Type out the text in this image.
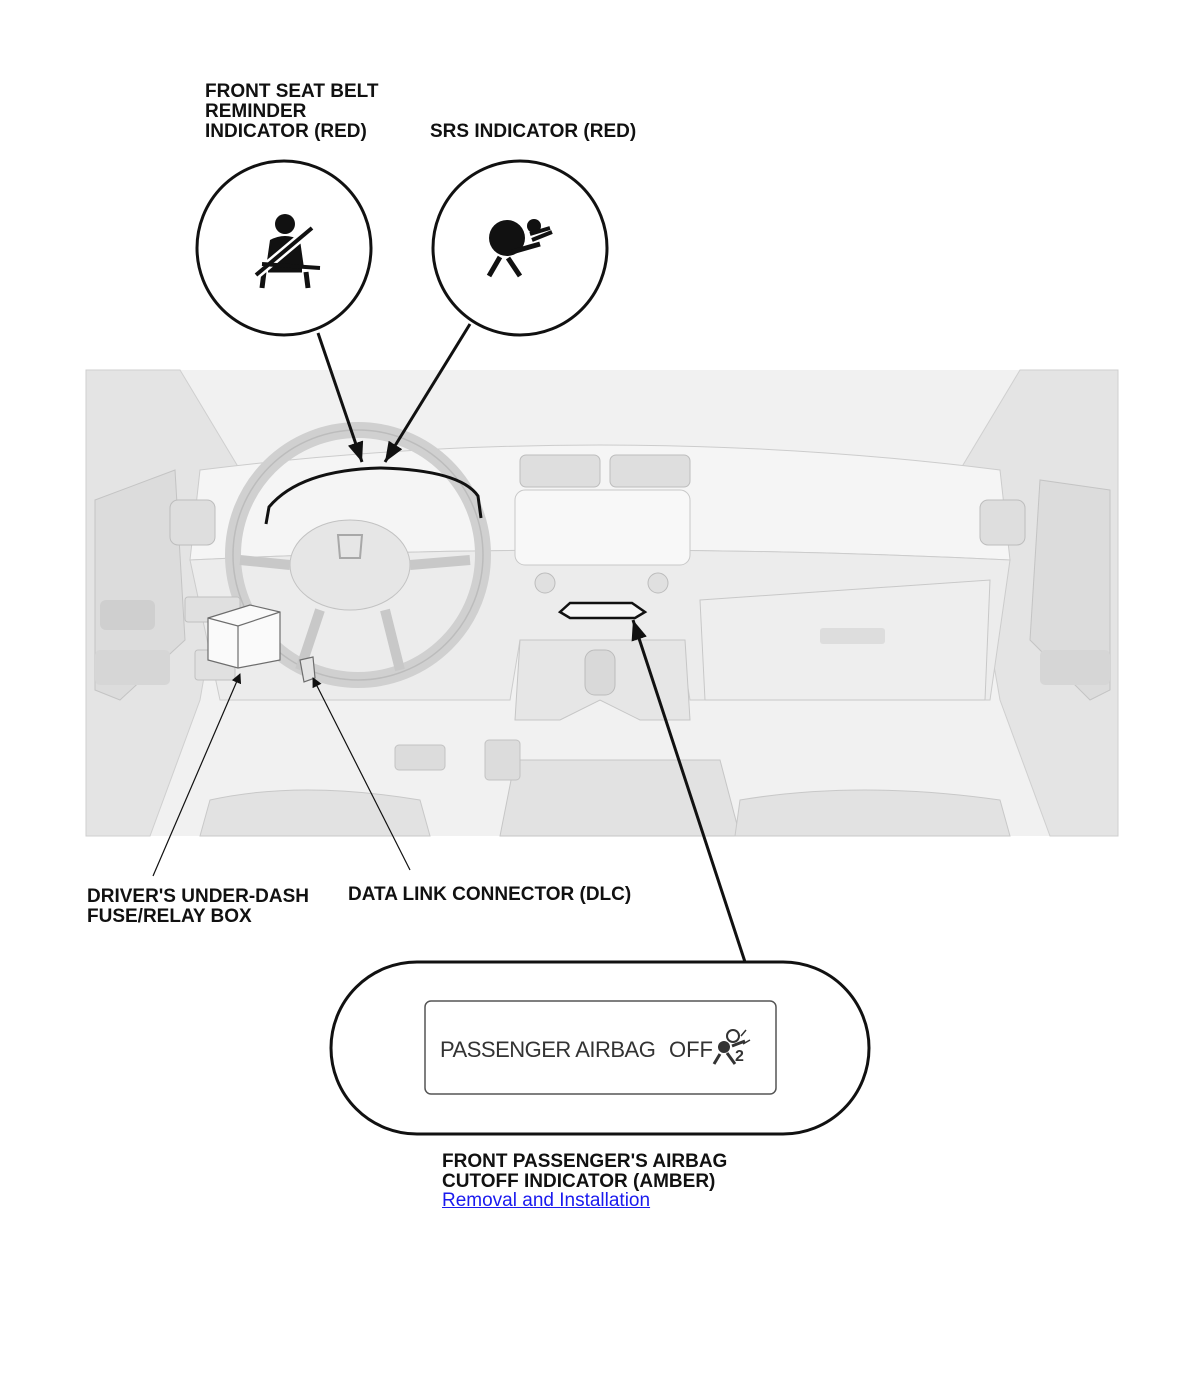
FRONT SEAT BELT
REMINDER
INDICATOR (RED)	SRS INDICATOR (RED)
DRIVER'S UNDER-DASH
FUSE/RELAY BOX
DATA LINK CONNECTOR (DLC)
FRONT PASSENGER'S AIRBAG
CUTOFF INDICATOR (AMBER)
Removal and Installation
PASSENGER AIRBAG OFF 2
